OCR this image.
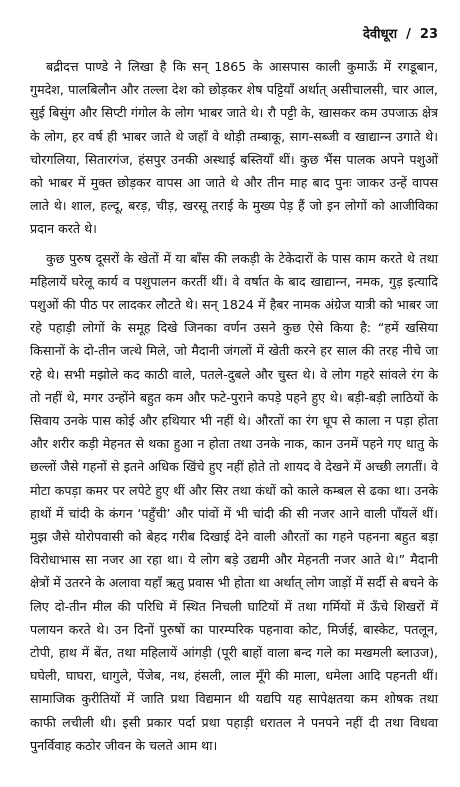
देवीधूरा / 23

बद्रीदत्त पाण्डे ने लिखा है कि सन् 1865 के आसपास काली कुमाऊँ में रगडूबान, गुमदेश, पालबिलौन और तल्ला देश को छोड़कर शेष पट्टियाँ अर्थात् असीचालसी, चार आल, सुई बिसुंग और सिप्टी गंगोल के लोग भाबर जाते थे। रौ पट्टी के, खासकर कम उपजाऊ क्षेत्र के लोग, हर वर्ष ही भाबर जाते थे जहाँ वे थोड़ी तम्बाकू, साग-सब्जी व खाद्यान्‍न उगाते थे। चोरगलिया, सितारगंज, हंसपुर उनकी अस्थाई बस्तियाँ थीं। कुछ भैंस पालक अपने पशुओं को भाबर में मुक्त छोड़कर वापस आ जाते थे और तीन माह बाद पुनः जाकर उन्हें वापस लाते थे। शाल, हल्दू, बरड़, चीड़, खरसू तराई के मुख्य पेड़ हैं जो इन लोगों को आजीविका प्रदान करते थे।

कुछ पुरुष दूसरों के खेतों में या बाँस की लकड़ी के टेकेदारों के पास काम करते थे तथा महिलायें घरेलू कार्य व पशुपालन करतीं थीं। वे वर्षात के बाद खाद्यान्‍न, नमक, गुड़ इत्यादि पशुओं की पीठ पर लादकर लौटते थे। सन् 1824 में हैबर नामक अंग्रेज यात्री को भाबर जा रहे पहाड़ी लोगों के समूह दिखे जिनका वर्णन उसने कुछ ऐसे किया है: “हमें खसिया किसानों के दो-तीन जत्थे मिले, जो मैदानी जंगलों में खेती करने हर साल की तरह नीचे जा रहे थे। सभी मझोले कद काठी वाले, पतले-दुबले और चुस्त थे। वे लोग गहरे सांवले रंग के तो नहीं थे, मगर उन्होंने बहुत कम और फटे-पुराने कपड़े पहने हुए थे। बड़ी-बड़ी लाठियों के सिवाय उनके पास कोई और हथियार भी नहीं थे। औरतों का रंग धूप से काला न पड़ा होता और शरीर कड़ी मेहनत से थका हुआ न होता तथा उनके नाक, कान उनमें पहने गए धातु के छल्लों जैसे गहनों से इतने अधिक खिंचे हुए नहीं होते तो शायद वे देखने में अच्छी लगतीं। वे मोटा कपड़ा कमर पर लपेटे हुए थीं और सिर तथा कंधों को काले कम्बल से ढका था। उनके हाथों में चांदी के कंगन ‘पहुँची’ और पांवों में भी चांदी की सी नजर आने वाली पाँयलें थीं। मुझ जैसे योरोपवासी को बेहद गरीब दिखाई देने वाली औरतों का गहने पहनना बहुत बड़ा विरोधाभास सा नजर आ रहा था। ये लोग बड़े उद्यमी और मेहनती नजर आते थे।” मैदानी क्षेत्रों में उतरने के अलावा यहाँ ऋतु प्रवास भी होता था अर्थात् लोग जाड़ों में सर्दी से बचने के लिए दो-तीन मील की परिधि में स्थित निचली घाटियों में तथा गर्मियों में ऊँचे शिखरों में पलायन करते थे। उन दिनों पुरुषों का पारम्परिक पहनावा कोट, मिर्जई, बास्केट, पतलून, टोपी, हाथ में बेंत, तथा महिलायें आंगड़ी (पूरी बाहों वाला बन्द गले का मखमली ब्लाउज), घघेली, घाघरा, धागुले, पेंजेब, नथ, हंसली, लाल मूँगे की माला, धमेला आदि पहनती थीं। सामाजिक कुरीतियों में जाति प्रथा विद्यमान थी यद्यपि यह सापेक्षतया कम शोषक तथा काफी लचीली थी। इसी प्रकार पर्दा प्रथा पहाड़ी धरातल ने पनपने नहीं दी तथा विधवा पुनर्विवाह कठोर जीवन के चलते आम था।
